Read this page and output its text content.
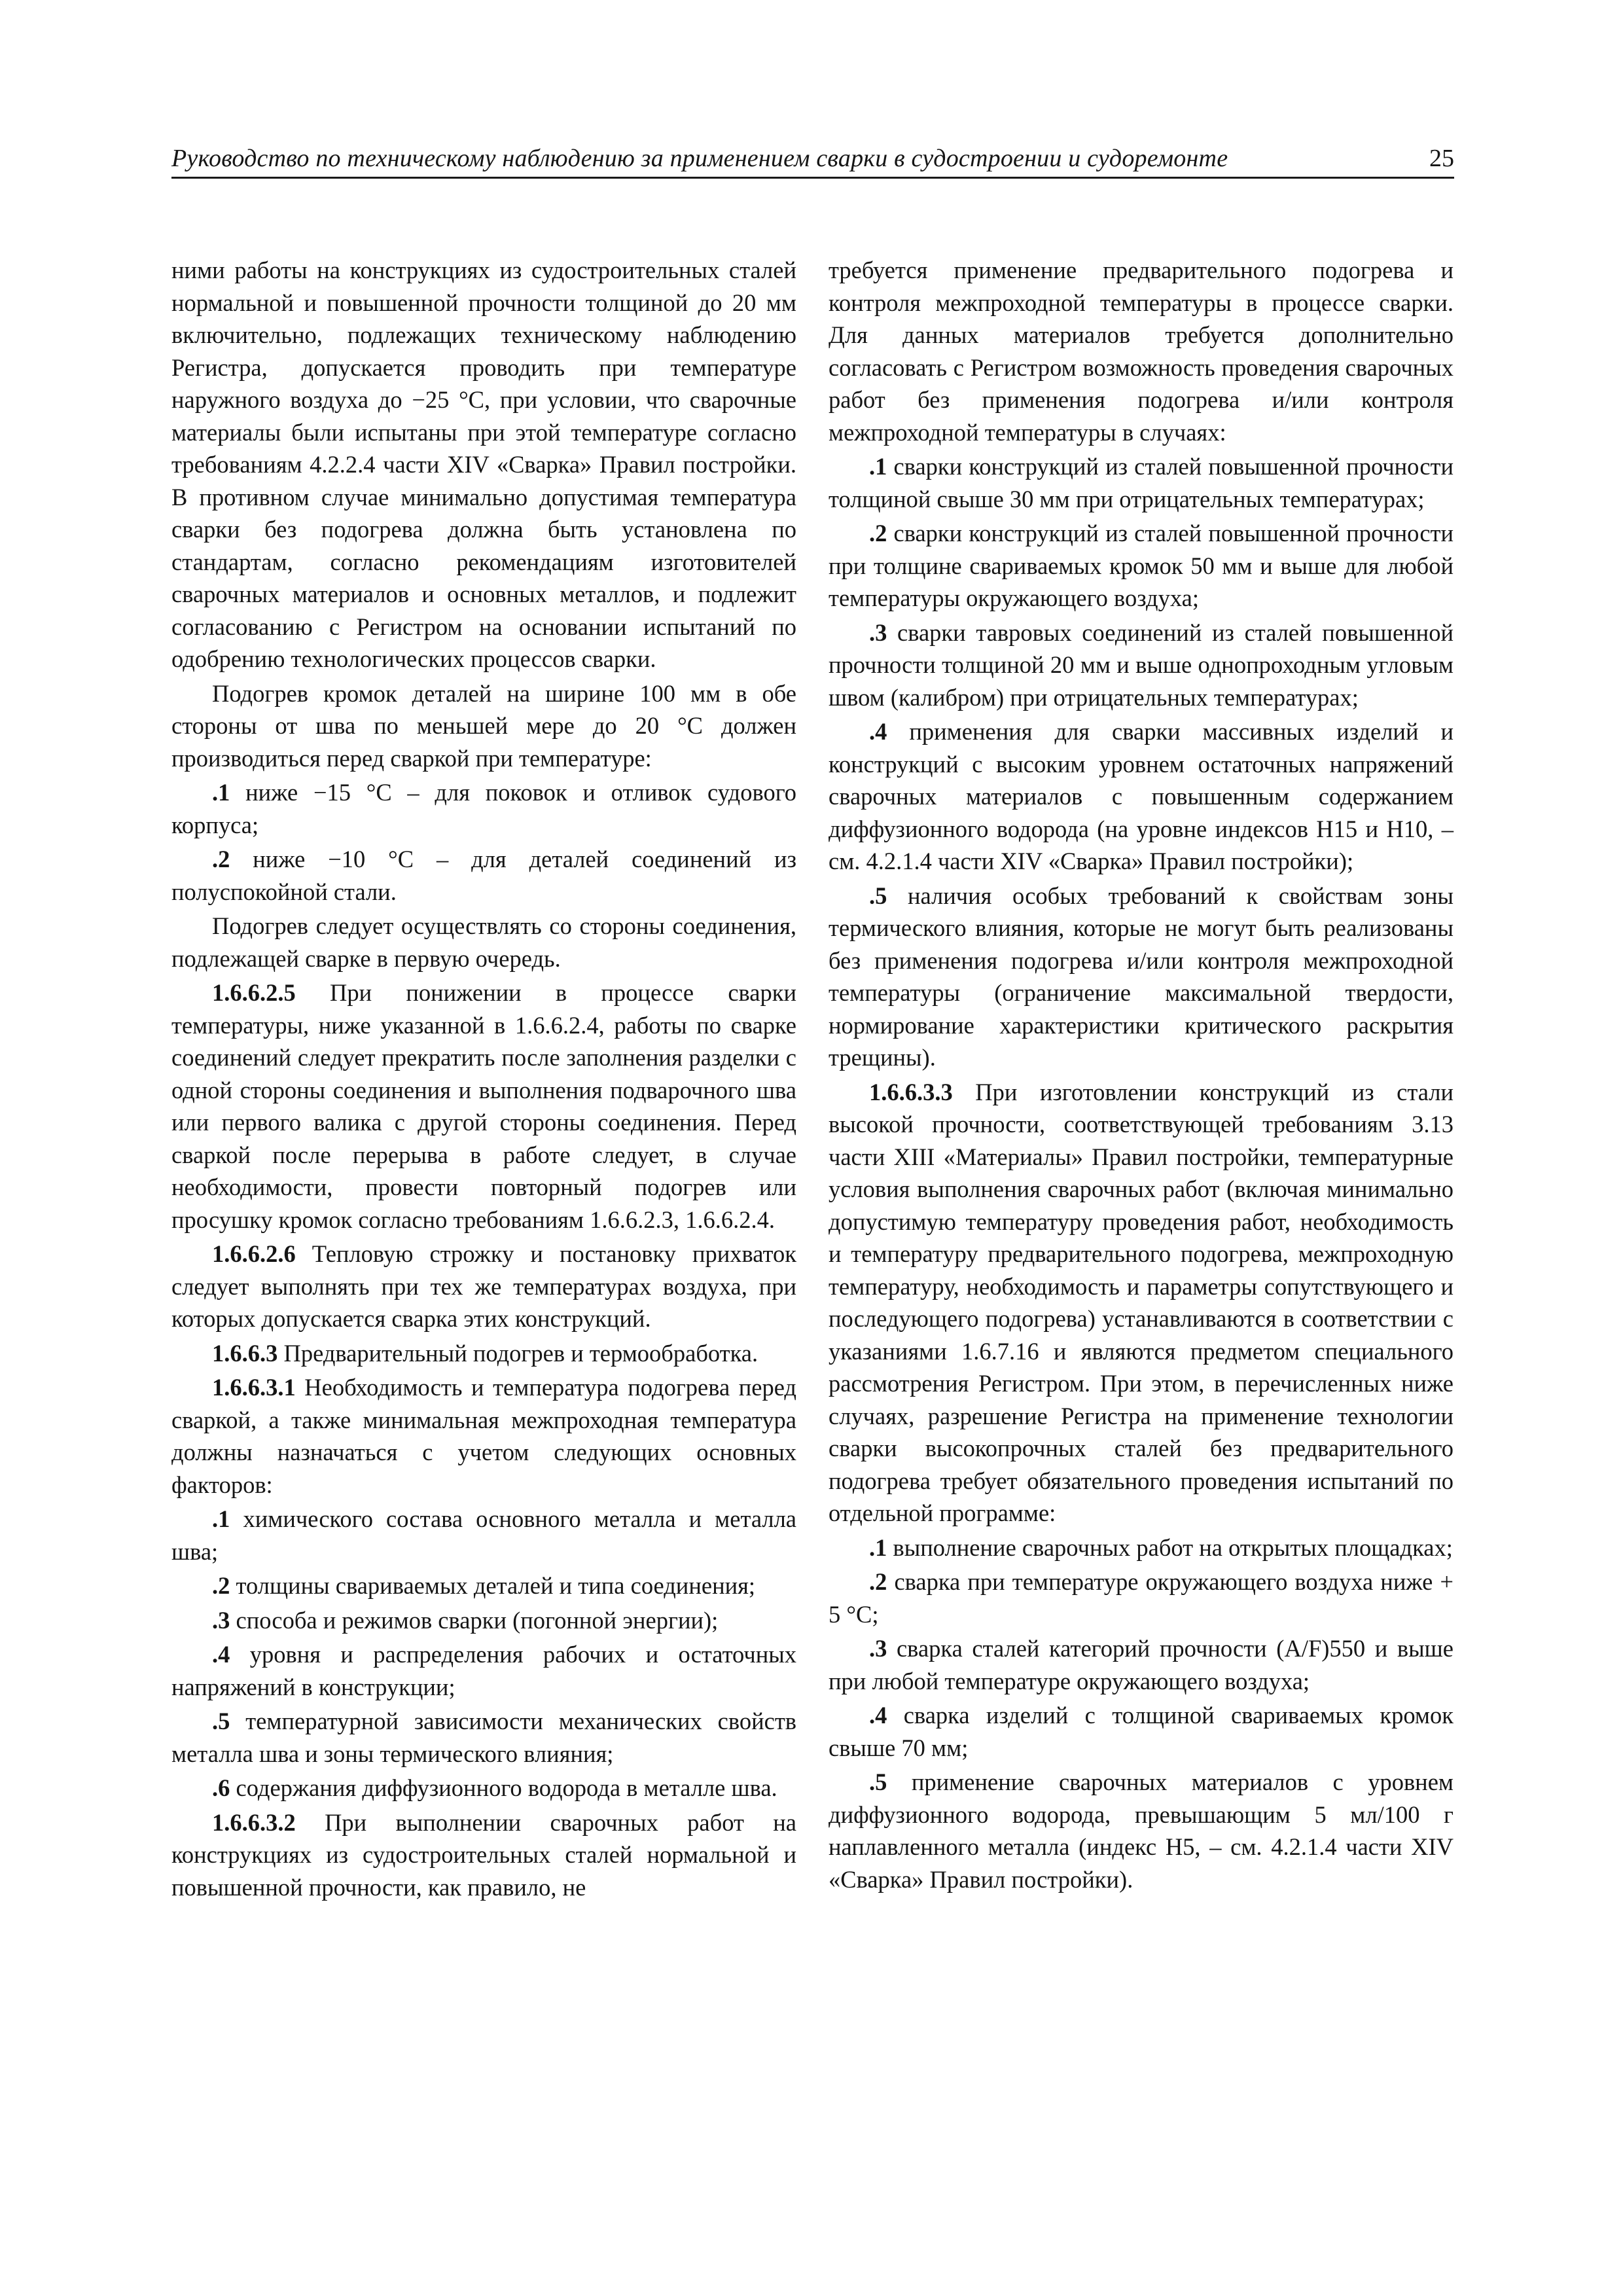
Руководство по техническому наблюдению за применением сварки в судостроении и судоремонте	25

ними работы на конструкциях из судостроительных сталей нормальной и повышенной прочности толщиной до 20 мм включительно, подлежащих техническому наблюдению Регистра, допускается проводить при температуре наружного воздуха до −25 °С, при условии, что сварочные материалы были испытаны при этой температуре согласно требованиям 4.2.2.4 части XIV «Сварка» Правил постройки. В противном случае минимально допустимая температура сварки без подогрева должна быть установлена по стандартам, согласно рекомендациям изготовителей сварочных материалов и основных металлов, и подлежит согласованию с Регистром на основании испытаний по одобрению технологических процессов сварки.

Подогрев кромок деталей на ширине 100 мм в обе стороны от шва по меньшей мере до 20 °С должен производиться перед сваркой при температуре:

.1 ниже −15 °С – для поковок и отливок судового корпуса;

.2 ниже −10 °С – для деталей соединений из полуспокойной стали.

Подогрев следует осуществлять со стороны соединения, подлежащей сварке в первую очередь.

1.6.6.2.5 При понижении в процессе сварки температуры, ниже указанной в 1.6.6.2.4, работы по сварке соединений следует прекратить после заполнения разделки с одной стороны соединения и выполнения подварочного шва или первого валика с другой стороны соединения. Перед сваркой после перерыва в работе следует, в случае необходимости, провести повторный подогрев или просушку кромок согласно требованиям 1.6.6.2.3, 1.6.6.2.4.

1.6.6.2.6 Тепловую строжку и постановку прихваток следует выполнять при тех же температурах воздуха, при которых допускается сварка этих конструкций.

1.6.6.3 Предварительный подогрев и термообработка.

1.6.6.3.1 Необходимость и температура подогрева перед сваркой, а также минимальная межпроходная температура должны назначаться с учетом следующих основных факторов:

.1 химического состава основного металла и металла шва;

.2 толщины свариваемых деталей и типа соединения;

.3 способа и режимов сварки (погонной энергии);

.4 уровня и распределения рабочих и остаточных напряжений в конструкции;

.5 температурной зависимости механических свойств металла шва и зоны термического влияния;

.6 содержания диффузионного водорода в металле шва.

1.6.6.3.2 При выполнении сварочных работ на конструкциях из судостроительных сталей нормальной и повышенной прочности, как правило, не

требуется применение предварительного подогрева и контроля межпроходной температуры в процессе сварки. Для данных материалов требуется дополнительно согласовать с Регистром возможность проведения сварочных работ без применения подогрева и/или контроля межпроходной температуры в случаях:

.1 сварки конструкций из сталей повышенной прочности толщиной свыше 30 мм при отрицательных температурах;

.2 сварки конструкций из сталей повышенной прочности при толщине свариваемых кромок 50 мм и выше для любой температуры окружающего воздуха;

.3 сварки тавровых соединений из сталей повышенной прочности толщиной 20 мм и выше однопроходным угловым швом (калибром) при отрицательных температурах;

.4 применения для сварки массивных изделий и конструкций с высоким уровнем остаточных напряжений сварочных материалов с повышенным содержанием диффузионного водорода (на уровне индексов Н15 и Н10, – см. 4.2.1.4 части XIV «Сварка» Правил постройки);

.5 наличия особых требований к свойствам зоны термического влияния, которые не могут быть реализованы без применения подогрева и/или контроля межпроходной температуры (ограничение максимальной твердости, нормирование характеристики критического раскрытия трещины).

1.6.6.3.3 При изготовлении конструкций из стали высокой прочности, соответствующей требованиям 3.13 части XIII «Материалы» Правил постройки, температурные условия выполнения сварочных работ (включая минимально допустимую температуру проведения работ, необходимость и температуру предварительного подогрева, межпроходную температуру, необходимость и параметры сопутствующего и последующего подогрева) устанавливаются в соответствии с указаниями 1.6.7.16 и являются предметом специального рассмотрения Регистром. При этом, в перечисленных ниже случаях, разрешение Регистра на применение технологии сварки высокопрочных сталей без предварительного подогрева требует обязательного проведения испытаний по отдельной программе:

.1 выполнение сварочных работ на открытых площадках;

.2 сварка при температуре окружающего воздуха ниже + 5 °С;

.3 сварка сталей категорий прочности (A/F)550 и выше при любой температуре окружающего воздуха;

.4 сварка изделий с толщиной свариваемых кромок свыше 70 мм;

.5 применение сварочных материалов с уровнем диффузионного водорода, превышающим 5 мл/100 г наплавленного металла (индекс Н5, – см. 4.2.1.4 части XIV «Сварка» Правил постройки).
